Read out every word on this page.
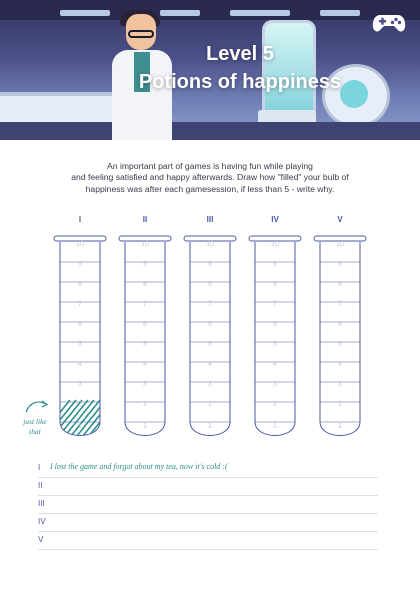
Level 5
Potions of happiness
An important part of games is having fun while playing
and feeling satisfied and happy afterwards. Draw how "filled" your bulb of
happiness was after each gamesession, if less than 5 - write why.
I
1
2
3
4
5
6
7
8
9
10
II
1
2
3
4
5
6
7
8
9
10
III
1
2
3
4
5
6
7
8
9
10
IV
1
2
3
4
5
6
7
8
9
10
V
1
2
3
4
5
6
7
8
9
10
just like
that
I I lost the game and forgot about my tea, now it's cold :(
II
III
IV
V
